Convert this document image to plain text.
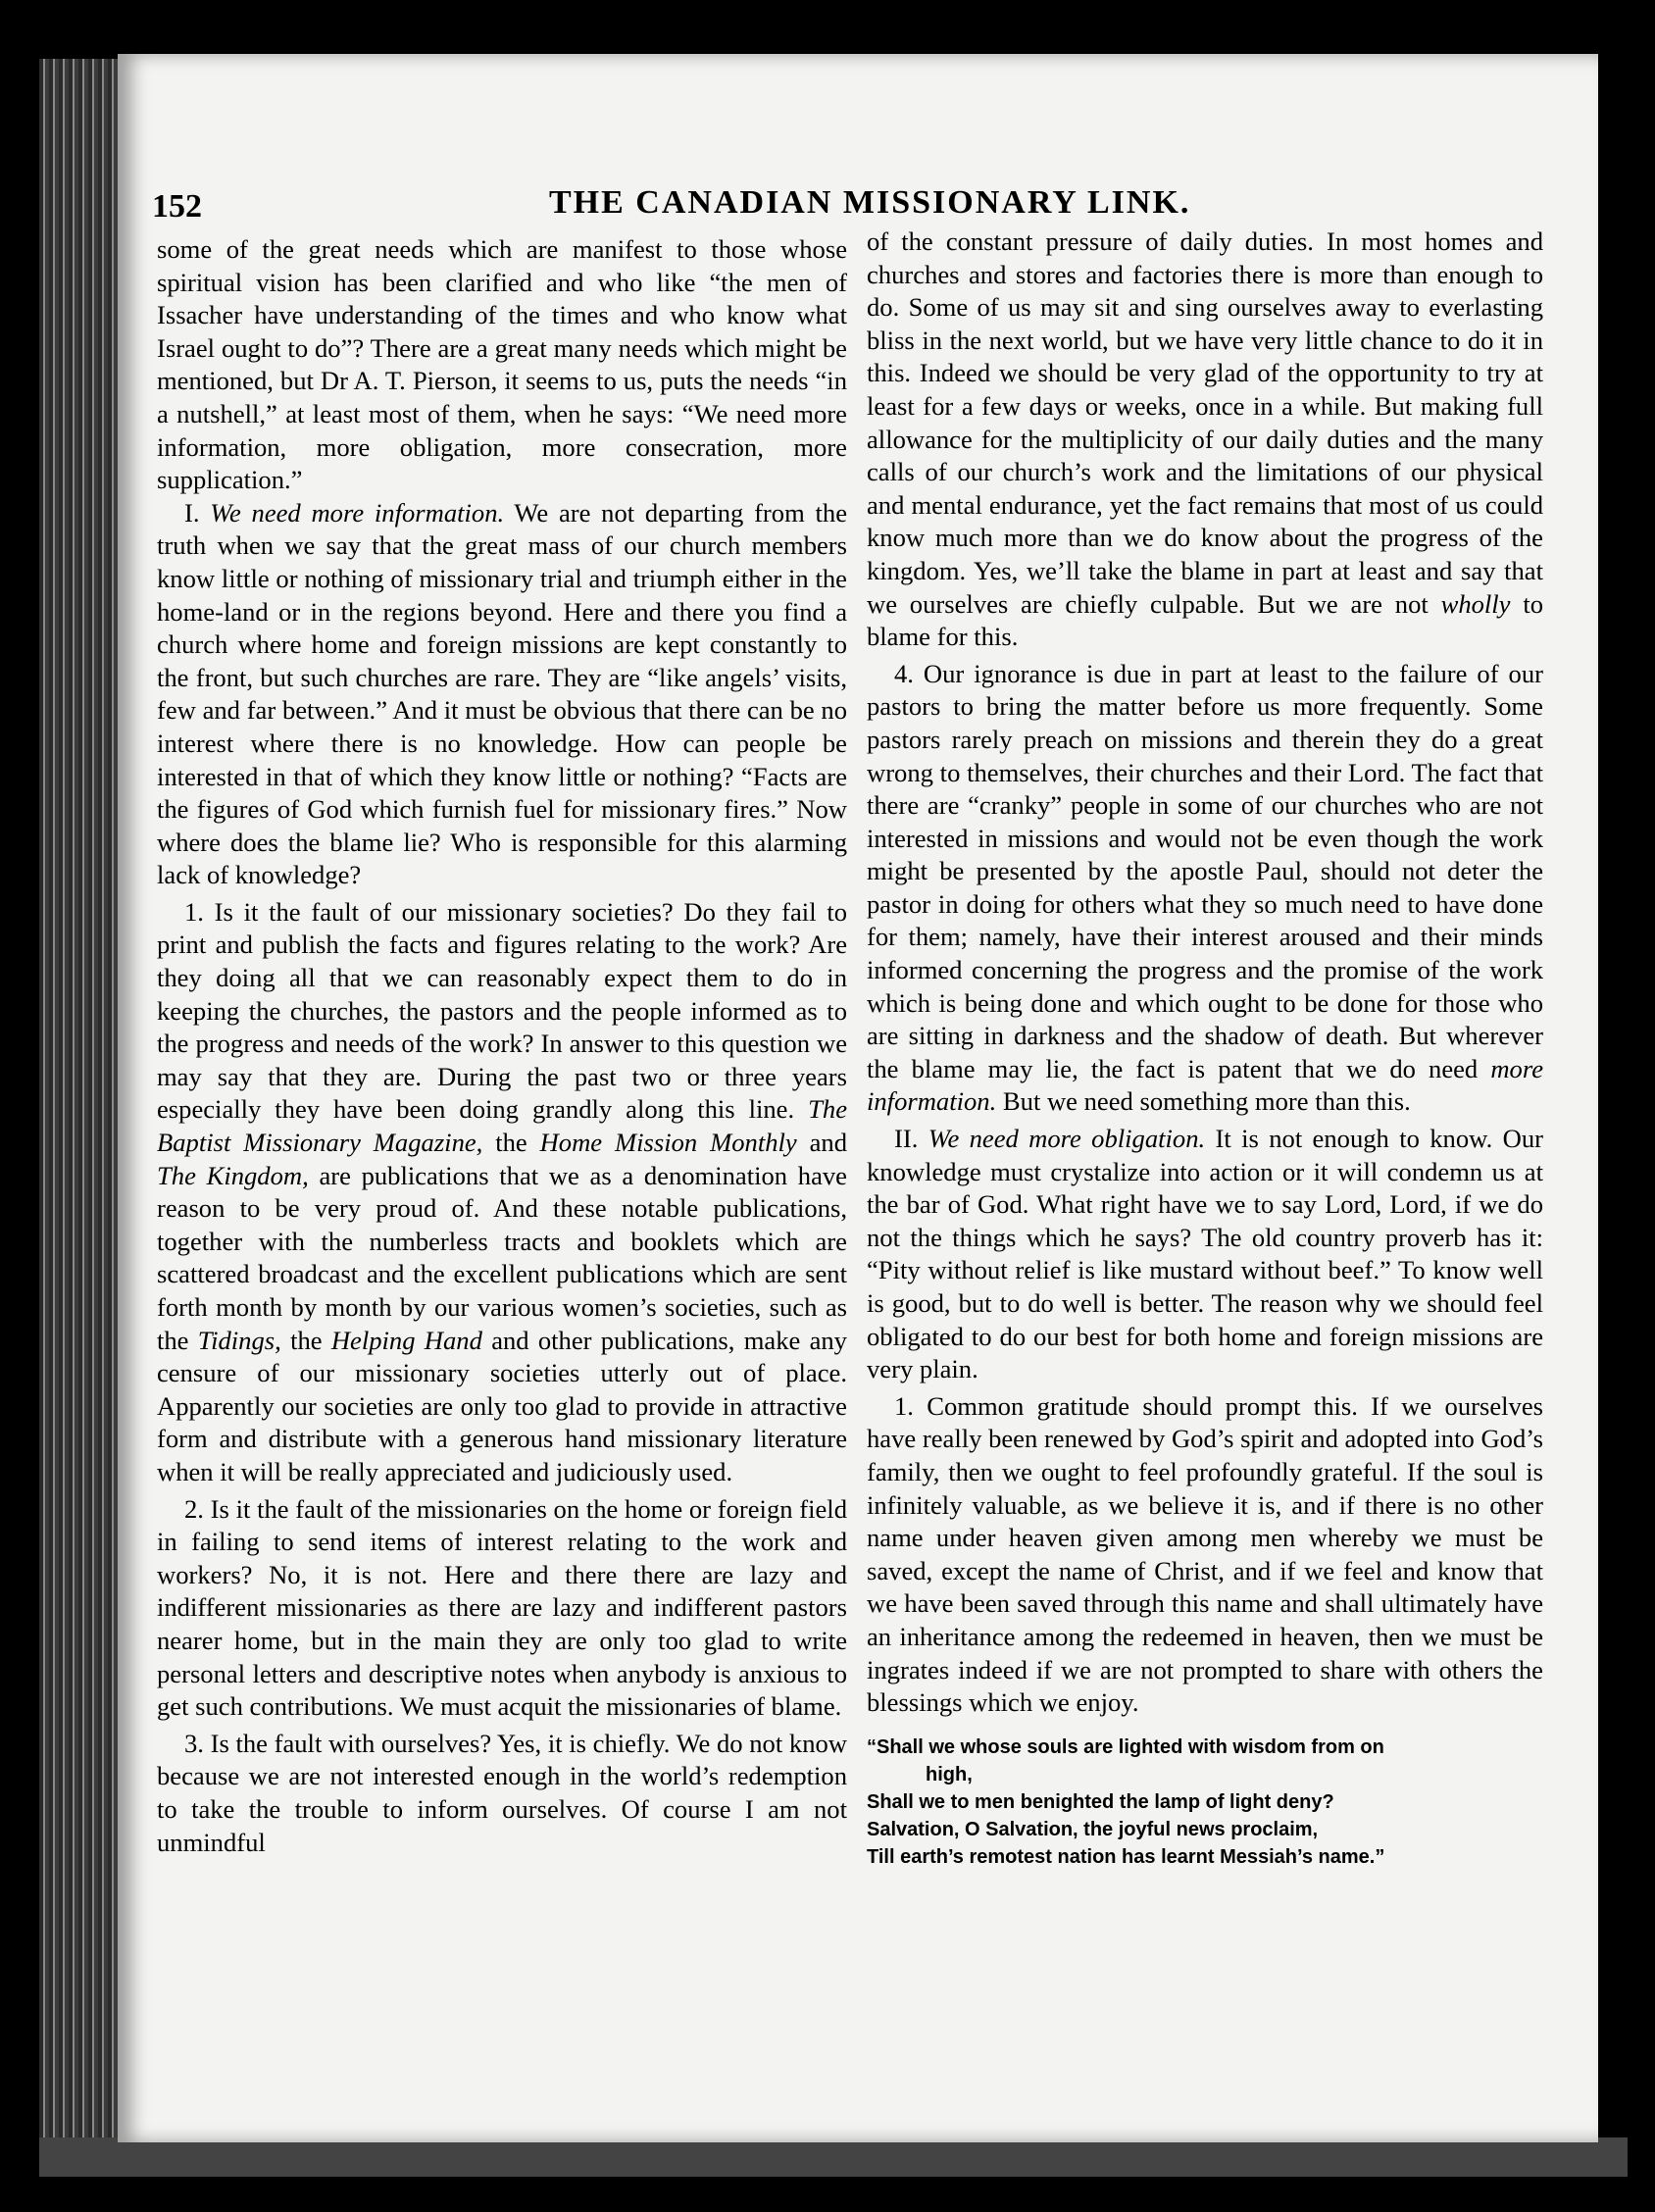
152	THE CANADIAN MISSIONARY LINK.

some of the great needs which are manifest to those whose spiritual vision has been clarified and who like “the men of Issacher have understanding of the times and who know what Israel ought to do”? There are a great many needs which might be mentioned, but Dr A. T. Pierson, it seems to us, puts the needs “in a nutshell,” at least most of them, when he says: “We need more information, more obligation, more consecration, more supplication.”

I. We need more information. We are not departing from the truth when we say that the great mass of our church members know little or nothing of missionary trial and triumph either in the home-land or in the regions beyond. Here and there you find a church where home and foreign missions are kept constantly to the front, but such churches are rare. They are “like angels’ visits, few and far between.” And it must be obvious that there can be no interest where there is no knowledge. How can people be interested in that of which they know little or nothing? “Facts are the figures of God which furnish fuel for missionary fires.” Now where does the blame lie? Who is responsible for this alarming lack of knowledge?

1. Is it the fault of our missionary societies? Do they fail to print and publish the facts and figures relating to the work? Are they doing all that we can reasonably expect them to do in keeping the churches, the pastors and the people informed as to the progress and needs of the work? In answer to this question we may say that they are. During the past two or three years especially they have been doing grandly along this line. The Baptist Missionary Magazine, the Home Mission Monthly and The Kingdom, are publications that we as a denomination have reason to be very proud of. And these notable publications, together with the numberless tracts and booklets which are scattered broadcast and the excellent publications which are sent forth month by month by our various women’s societies, such as the Tidings, the Helping Hand and other publications, make any censure of our missionary societies utterly out of place. Apparently our societies are only too glad to provide in attractive form and distribute with a generous hand missionary literature when it will be really appreciated and judiciously used.

2. Is it the fault of the missionaries on the home or foreign field in failing to send items of interest relating to the work and workers? No, it is not. Here and there there are lazy and indifferent missionaries as there are lazy and indifferent pastors nearer home, but in the main they are only too glad to write personal letters and descriptive notes when anybody is anxious to get such contributions. We must acquit the missionaries of blame.

3. Is the fault with ourselves? Yes, it is chiefly. We do not know because we are not interested enough in the world’s redemption to take the trouble to inform ourselves. Of course I am not unmindful

of the constant pressure of daily duties. In most homes and churches and stores and factories there is more than enough to do. Some of us may sit and sing ourselves away to everlasting bliss in the next world, but we have very little chance to do it in this. Indeed we should be very glad of the opportunity to try at least for a few days or weeks, once in a while. But making full allowance for the multiplicity of our daily duties and the many calls of our church’s work and the limitations of our physical and mental endurance, yet the fact remains that most of us could know much more than we do know about the progress of the kingdom. Yes, we’ll take the blame in part at least and say that we ourselves are chiefly culpable. But we are not wholly to blame for this.

4. Our ignorance is due in part at least to the failure of our pastors to bring the matter before us more frequently. Some pastors rarely preach on missions and therein they do a great wrong to themselves, their churches and their Lord. The fact that there are “cranky” people in some of our churches who are not interested in missions and would not be even though the work might be presented by the apostle Paul, should not deter the pastor in doing for others what they so much need to have done for them; namely, have their interest aroused and their minds informed concerning the progress and the promise of the work which is being done and which ought to be done for those who are sitting in darkness and the shadow of death. But wherever the blame may lie, the fact is patent that we do need more information. But we need something more than this.

II. We need more obligation. It is not enough to know. Our knowledge must crystalize into action or it will condemn us at the bar of God. What right have we to say Lord, Lord, if we do not the things which he says? The old country proverb has it: “Pity without relief is like mustard without beef.” To know well is good, but to do well is better. The reason why we should feel obligated to do our best for both home and foreign missions are very plain.

1. Common gratitude should prompt this. If we ourselves have really been renewed by God’s spirit and adopted into God’s family, then we ought to feel profoundly grateful. If the soul is infinitely valuable, as we believe it is, and if there is no other name under heaven given among men whereby we must be saved, except the name of Christ, and if we feel and know that we have been saved through this name and shall ultimately have an inheritance among the redeemed in heaven, then we must be ingrates indeed if we are not prompted to share with others the blessings which we enjoy.

“Shall we whose souls are lighted with wisdom from on
high,
Shall we to men benighted the lamp of light deny?
Salvation, O Salvation, the joyful news proclaim,
Till earth’s remotest nation has learnt Messiah’s name.”
